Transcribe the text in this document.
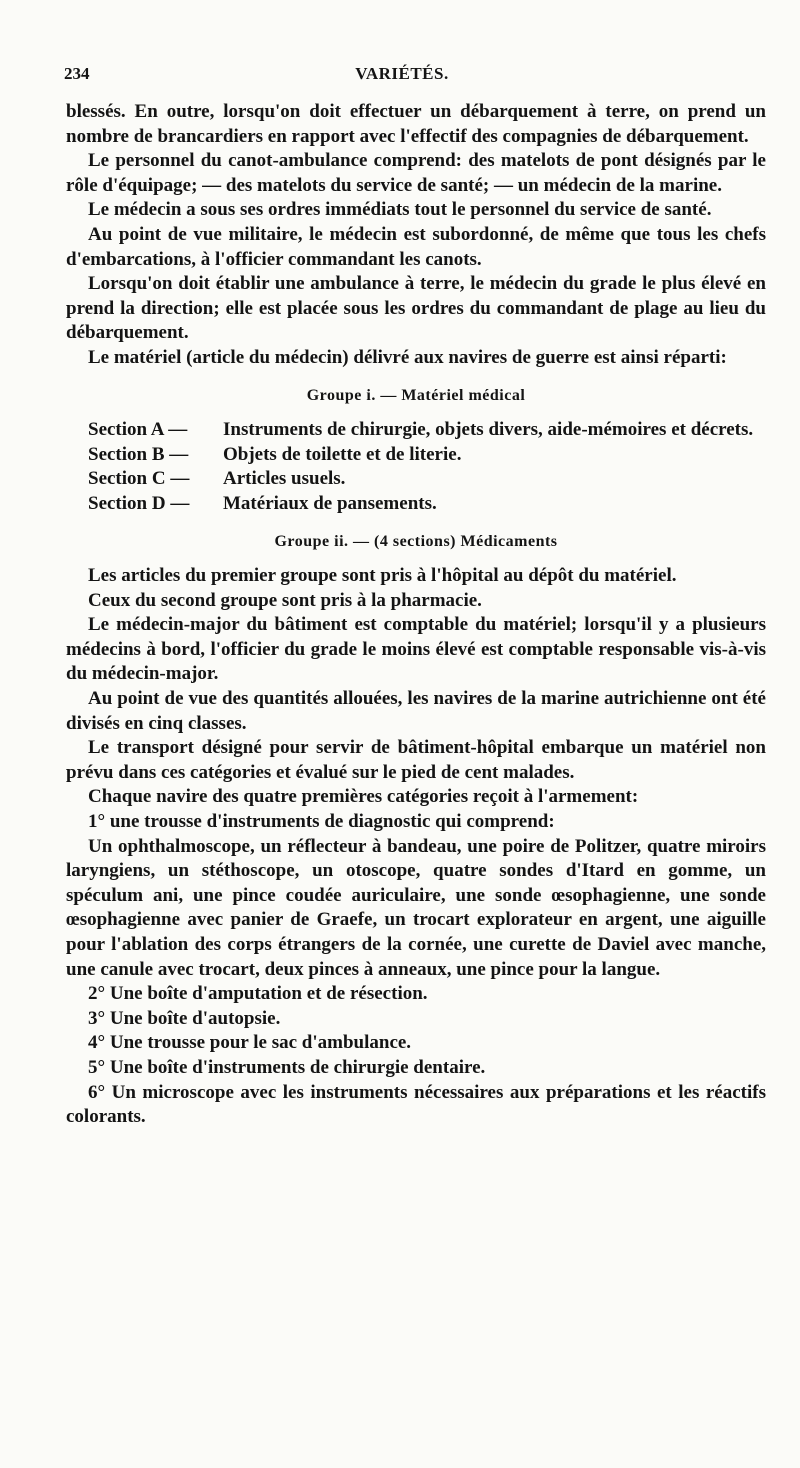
234	VARIÉTÉS.

blessés. En outre, lorsqu'on doit effectuer un débarquement à terre, on prend un nombre de brancardiers en rapport avec l'effectif des compagnies de débarquement.

Le personnel du canot-ambulance comprend: des matelots de pont désignés par le rôle d'équipage; — des matelots du service de santé; — un médecin de la marine.

Le médecin a sous ses ordres immédiats tout le personnel du service de santé.

Au point de vue militaire, le médecin est subordonné, de même que tous les chefs d'embarcations, à l'officier commandant les canots.

Lorsqu'on doit établir une ambulance à terre, le médecin du grade le plus élevé en prend la direction; elle est placée sous les ordres du commandant de plage au lieu du débarquement.

Le matériel (article du médecin) délivré aux navires de guerre est ainsi réparti:

Groupe i. — Matériel médical
Section A —	Instruments de chirurgie, objets divers, aide-mémoires et décrets.
Section B —	Objets de toilette et de literie.
Section C —	Articles usuels.
Section D —	Matériaux de pansements.
Groupe ii. — (4 sections) Médicaments

Les articles du premier groupe sont pris à l'hôpital au dépôt du matériel.

Ceux du second groupe sont pris à la pharmacie.

Le médecin-major du bâtiment est comptable du matériel; lorsqu'il y a plusieurs médecins à bord, l'officier du grade le moins élevé est comptable responsable vis-à-vis du médecin-major.

Au point de vue des quantités allouées, les navires de la marine autrichienne ont été divisés en cinq classes.

Le transport désigné pour servir de bâtiment-hôpital embarque un matériel non prévu dans ces catégories et évalué sur le pied de cent malades.

Chaque navire des quatre premières catégories reçoit à l'armement:

1° une trousse d'instruments de diagnostic qui comprend:

Un ophthalmoscope, un réflecteur à bandeau, une poire de Politzer, quatre miroirs laryngiens, un stéthoscope, un otoscope, quatre sondes d'Itard en gomme, un spéculum ani, une pince coudée auriculaire, une sonde œsophagienne, une sonde œsophagienne avec panier de Graefe, un trocart explorateur en argent, une aiguille pour l'ablation des corps étrangers de la cornée, une curette de Daviel avec manche, une canule avec trocart, deux pinces à anneaux, une pince pour la langue.

2° Une boîte d'amputation et de résection.

3° Une boîte d'autopsie.

4° Une trousse pour le sac d'ambulance.

5° Une boîte d'instruments de chirurgie dentaire.

6° Un microscope avec les instruments nécessaires aux préparations et les réactifs colorants.
